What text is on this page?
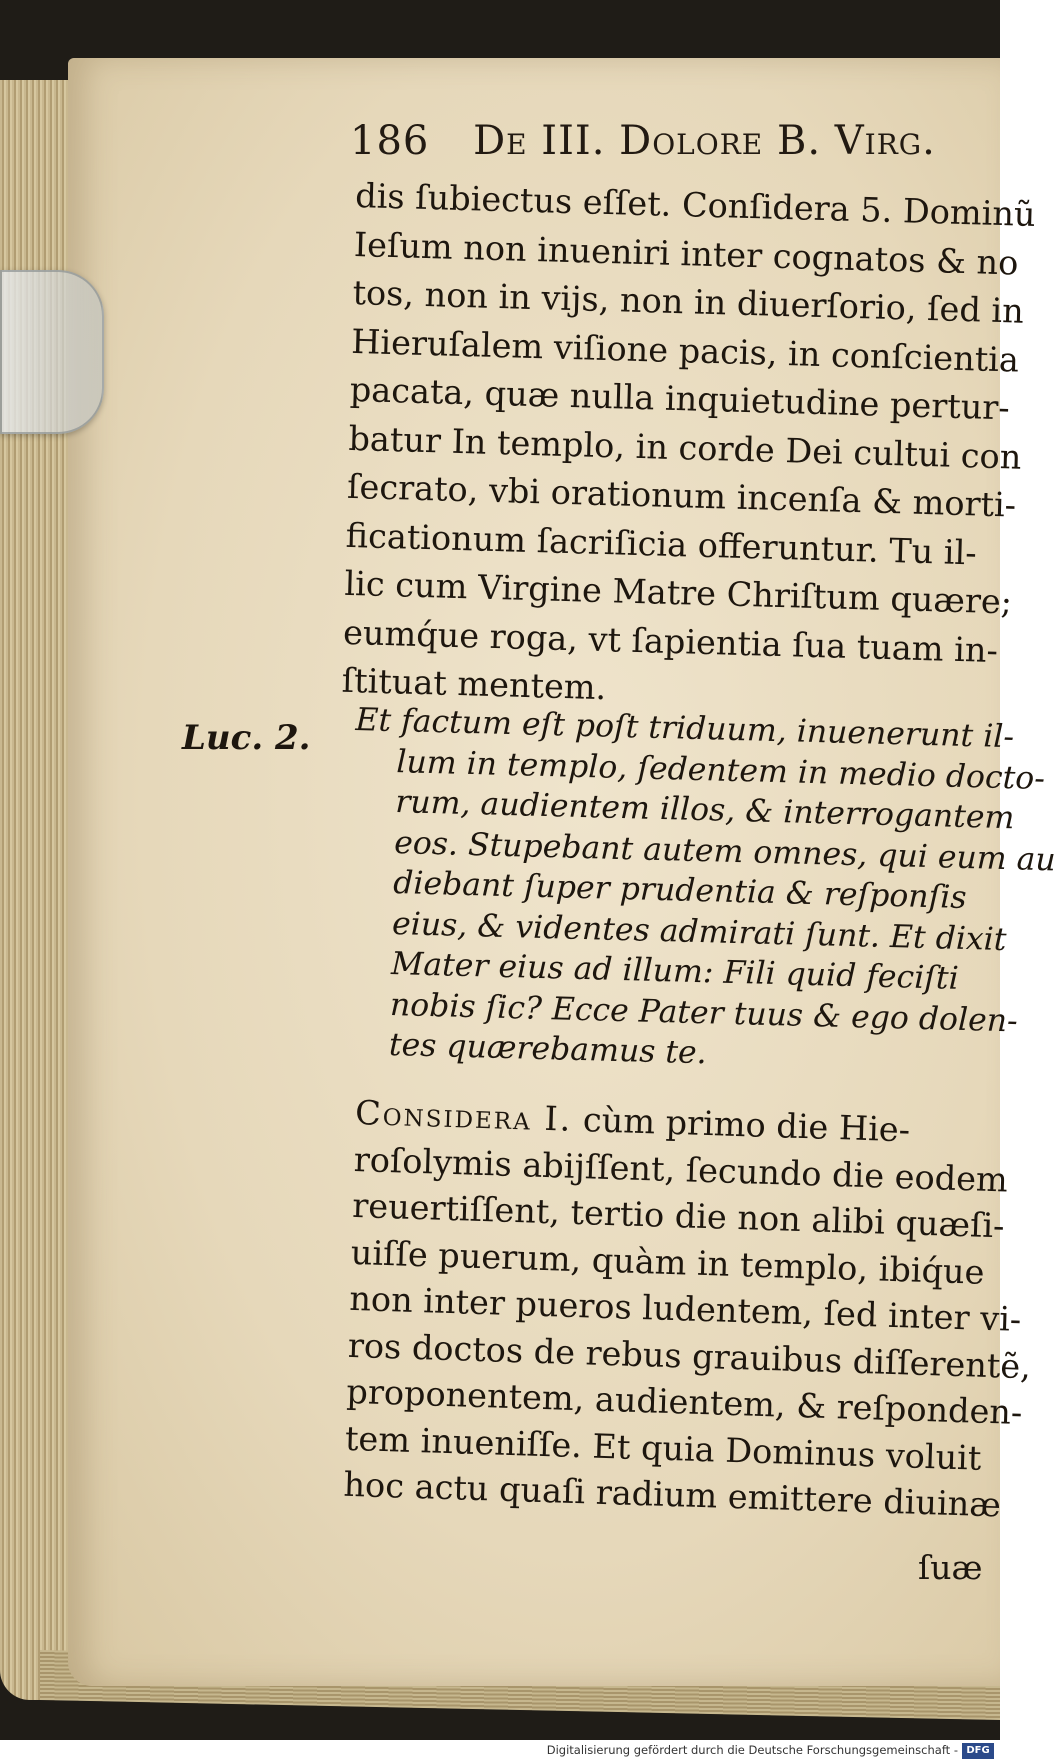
186 De III. Dolore B. Virg.
dis ſubiectus eſſet. Conſidera 5. Dominũ
Ieſum non inueniri inter cognatos & no
tos, non in vijs, non in diuerſorio, ſed in
Hieruſalem viſione pacis, in conſcientia
pacata, quæ nulla inquietudine pertur-
batur In templo, in corde Dei cultui con
ſecrato, vbi orationum incenſa & morti-
ficationum ſacriſicia offeruntur. Tu il-
lic cum Virgine Matre Chriſtum quære;
eumq́ue roga, vt ſapientia ſua tuam in-
ſtituat mentem.
Luc. 2. Et factum eſt poſt triduum, inuenerunt il-
lum in templo, ſedentem in medio docto-
rum, audientem illos, & interrogantem
eos. Stupebant autem omnes, qui eum au
diebant ſuper prudentia & reſponſis
eius, & videntes admirati ſunt. Et dixit
Mater eius ad illum: Fili quid feciſti
nobis ſic? Ecce Pater tuus & ego dolen-
tes quærebamus te.
Considera I. cùm primo die Hie-
roſolymis abijſſent, ſecundo die eodem
reuertiſſent, tertio die non alibi quæſi-
uiſſe puerum, quàm in templo, ibiq́ue
non inter pueros ludentem, ſed inter vi-
ros doctos de rebus grauibus diſſerentẽ,
proponentem, audientem, & reſponden-
tem inueniſſe. Et quia Dominus voluit
hoc actu quaſi radium emittere diuinæ
ſuæ
Digitalisierung gefördert durch die Deutsche Forschungsgemeinschaft - DFG
